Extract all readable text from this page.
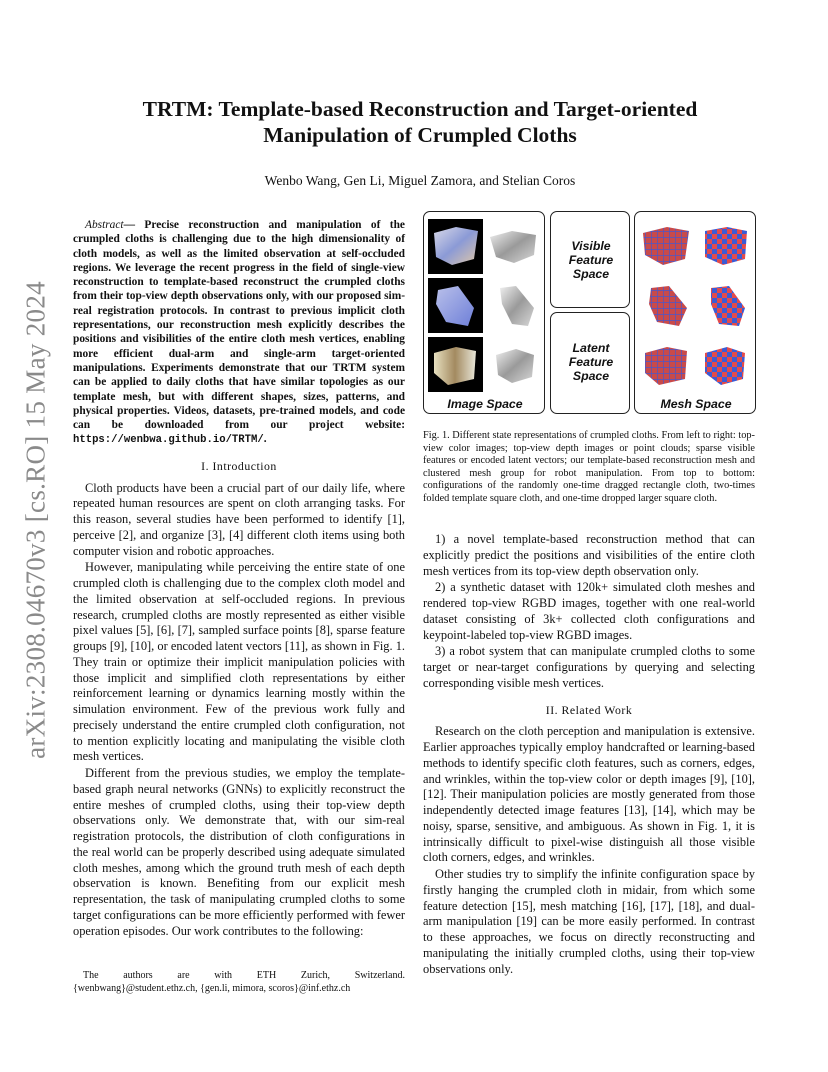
arXiv:2308.04670v3 [cs.RO] 15 May 2024
TRTM: Template-based Reconstruction and Target-oriented
Manipulation of Crumpled Cloths
Wenbo Wang, Gen Li, Miguel Zamora, and Stelian Coros

Abstract— Precise reconstruction and manipulation of the crumpled cloths is challenging due to the high dimensionality of cloth models, as well as the limited observation at self-occluded regions. We leverage the recent progress in the field of single-view reconstruction to template-based reconstruct the crumpled cloths from their top-view depth observations only, with our proposed sim-real registration protocols. In contrast to previous implicit cloth representations, our reconstruction mesh explicitly describes the positions and visibilities of the entire cloth mesh vertices, enabling more efficient dual-arm and single-arm target-oriented manipulations. Experiments demonstrate that our TRTM system can be applied to daily cloths that have similar topologies as our template mesh, but with different shapes, sizes, patterns, and physical properties. Videos, datasets, pre-trained models, and code can be downloaded from our project website: https://wenbwa.github.io/TRTM/.

I. Introduction

Cloth products have been a crucial part of our daily life, where repeated human resources are spent on cloth arranging tasks. For this reason, several studies have been performed to identify [1], perceive [2], and organize [3], [4] different cloth items using both computer vision and robotic approaches.

However, manipulating while perceiving the entire state of one crumpled cloth is challenging due to the complex cloth model and the limited observation at self-occluded regions. In previous research, crumpled cloths are mostly represented as either visible pixel values [5], [6], [7], sampled surface points [8], sparse feature groups [9], [10], or encoded latent vectors [11], as shown in Fig. 1. They train or optimize their implicit manipulation policies with those implicit and simplified cloth representations by either reinforcement learning or dynamics learning mostly within the simulation environment. Few of the previous work fully and precisely understand the entire crumpled cloth configuration, not to mention explicitly locating and manipulating the visible cloth mesh vertices.

Different from the previous studies, we employ the template-based graph neural networks (GNNs) to explicitly reconstruct the entire meshes of crumpled cloths, using their top-view depth observations only. We demonstrate that, with our sim-real registration protocols, the distribution of cloth configurations in the real world can be properly described using adequate simulated cloth meshes, among which the ground truth mesh of each depth observation is known. Benefiting from our explicit mesh representation, the task of manipulating crumpled cloths to some target configurations can be more efficiently performed with fewer operation episodes. Our work contributes to the following:

The authors are with ETH Zurich, Switzerland.
{wenbwang}@student.ethz.ch, {gen.li, mimora, scoros}@inf.ethz.ch
Image Space
Visible Feature Space
Latent Feature Space
Mesh Space
Fig. 1. Different state representations of crumpled cloths. From left to right: top-view color images; top-view depth images or point clouds; sparse visible features or encoded latent vectors; our template-based reconstruction mesh and clustered mesh group for robot manipulation. From top to bottom: configurations of the randomly one-time dragged rectangle cloth, two-times folded template square cloth, and one-time dropped larger square cloth.

1) a novel template-based reconstruction method that can explicitly predict the positions and visibilities of the entire cloth mesh vertices from its top-view depth observation only.

2) a synthetic dataset with 120k+ simulated cloth meshes and rendered top-view RGBD images, together with one real-world dataset consisting of 3k+ collected cloth configurations and keypoint-labeled top-view RGBD images.

3) a robot system that can manipulate crumpled cloths to some target or near-target configurations by querying and selecting corresponding visible mesh vertices.

II. Related Work

Research on the cloth perception and manipulation is extensive. Earlier approaches typically employ handcrafted or learning-based methods to identify specific cloth features, such as corners, edges, and wrinkles, within the top-view color or depth images [9], [10], [12]. Their manipulation policies are mostly generated from those independently detected image features [13], [14], which may be noisy, sparse, sensitive, and ambiguous. As shown in Fig. 1, it is intrinsically difficult to pixel-wise distinguish all those visible cloth corners, edges, and wrinkles.

Other studies try to simplify the infinite configuration space by firstly hanging the crumpled cloth in midair, from which some feature detection [15], mesh matching [16], [17], [18], and dual-arm manipulation [19] can be more easily performed. In contrast to these approaches, we focus on directly reconstructing and manipulating the initially crumpled cloths, using their top-view observations only.
